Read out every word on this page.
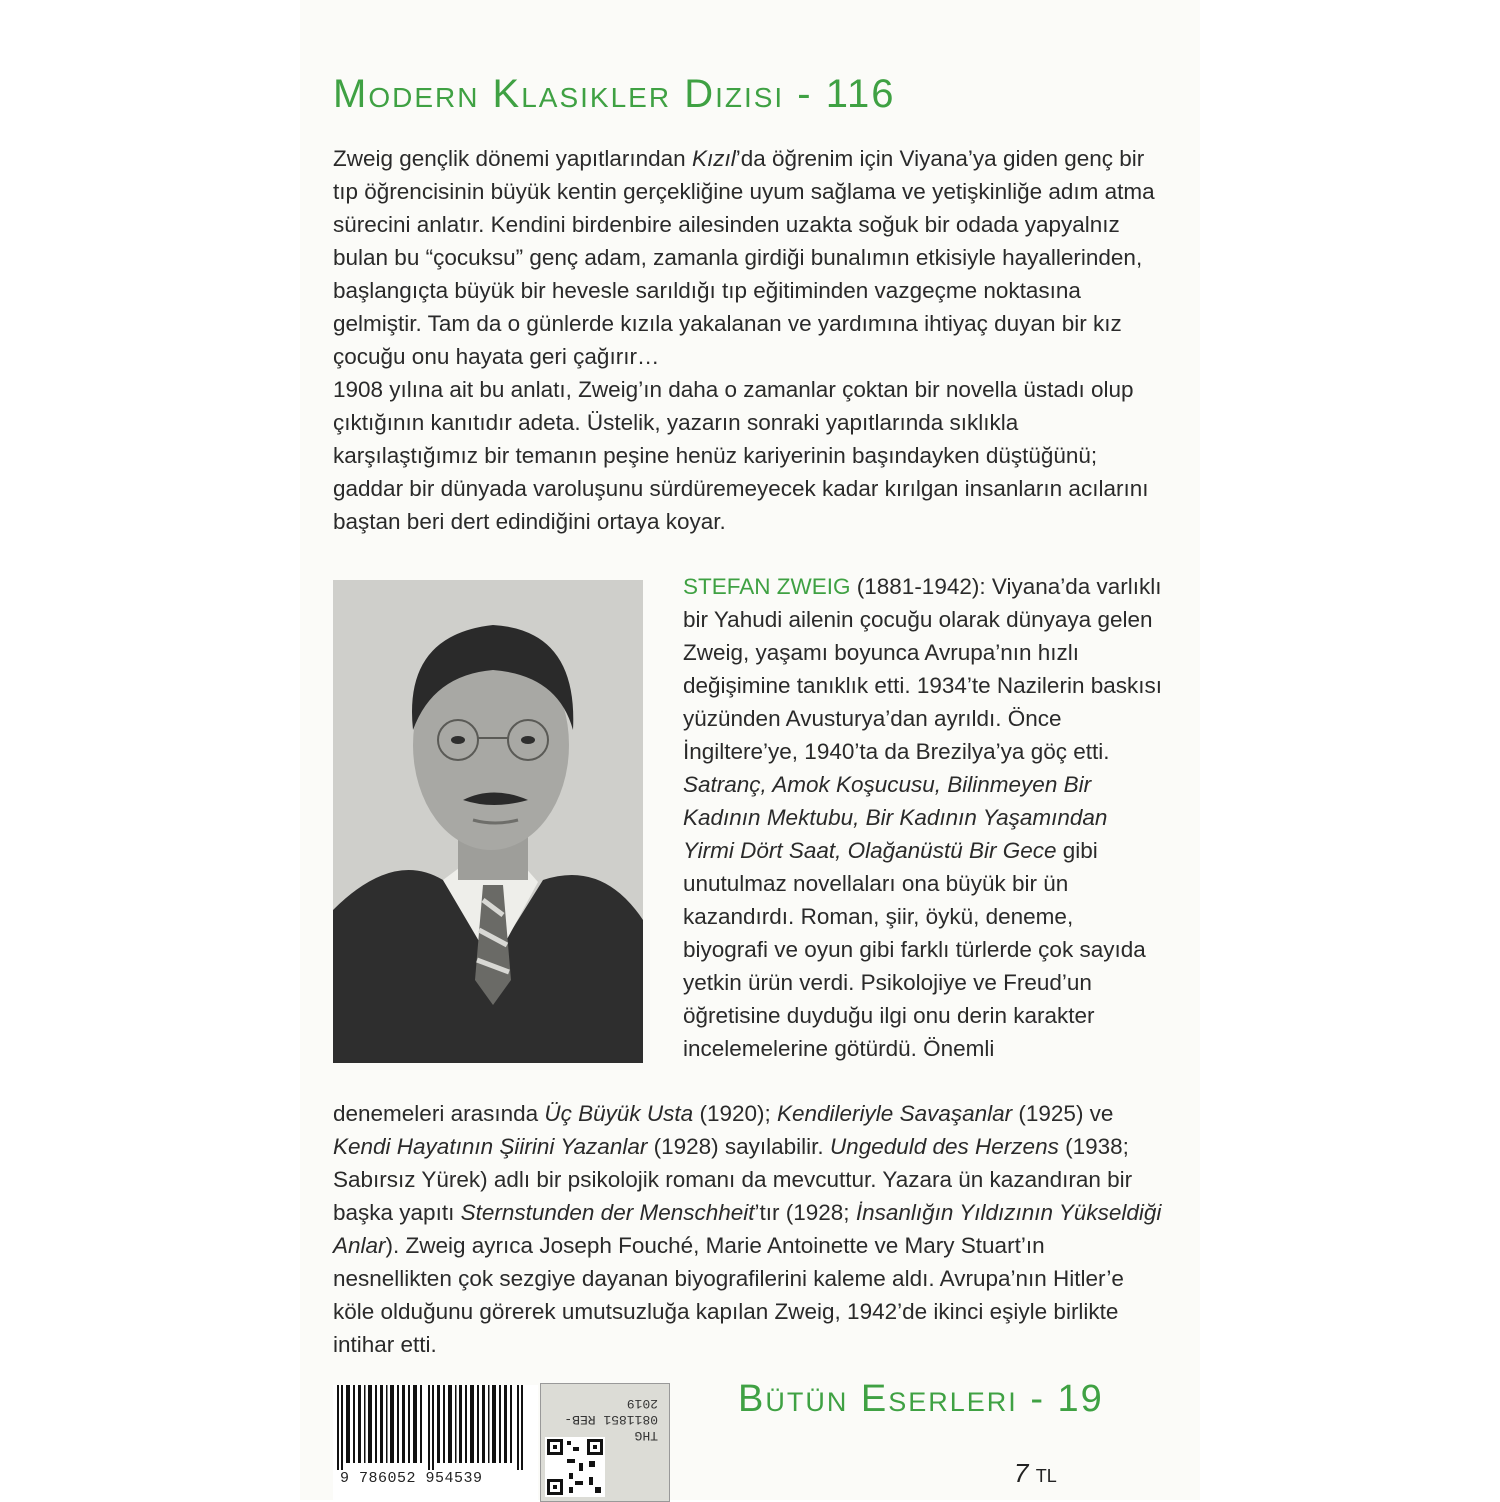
Modern Klasikler Dizisi - 116

Zweig gençlik dönemi yapıtlarından Kızıl’da öğrenim için Viyana’ya giden genç bir tıp öğrencisinin büyük kentin gerçekliğine uyum sağlama ve yetişkinliğe adım atma sürecini anlatır. Kendini birdenbire ailesinden uzakta soğuk bir odada yapyalnız bulan bu “çocuksu” genç adam, zamanla girdiği bunalımın etkisiyle hayallerinden, başlangıçta büyük bir hevesle sarıldığı tıp eğitiminden vazgeçme noktasına gelmiştir. Tam da o günlerde kızıla yakalanan ve yardımına ihtiyaç duyan bir kız çocuğu onu hayata geri çağırır…

1908 yılına ait bu anlatı, Zweig’ın daha o zamanlar çoktan bir novella üstadı olup çıktığının kanıtıdır adeta. Üstelik, yazarın sonraki yapıtlarında sıklıkla karşılaştığımız bir temanın peşine henüz kariyerinin başındayken düştüğünü; gaddar bir dünyada varoluşunu sürdüremeyecek kadar kırılgan insanların acılarını baştan beri dert edindiğini ortaya koyar.

STEFAN ZWEIG (1881-1942): Viyana’da varlıklı bir Yahudi ailenin çocuğu olarak dünyaya gelen Zweig, yaşamı boyunca Avrupa’nın hızlı değişimine tanıklık etti. 1934’te Nazilerin baskısı yüzünden Avusturya’dan ayrıldı. Önce İngiltere’ye, 1940’ta da Brezilya’ya göç etti. Satranç, Amok Koşucusu, Bilinmeyen Bir Kadının Mektubu, Bir Kadının Yaşamından Yirmi Dört Saat, Olağanüstü Bir Gece gibi unutulmaz novellaları ona büyük bir ün kazandırdı. Roman, şiir, öykü, deneme, biyografi ve oyun gibi farklı türlerde çok sayıda yetkin ürün verdi. Psikolojiye ve Freud’un öğretisine duyduğu ilgi onu derin karakter incelemelerine götürdü. Önemli

denemeleri arasında Üç Büyük Usta (1920); Kendileriyle Savaşanlar (1925) ve Kendi Hayatının Şiirini Yazanlar (1928) sayılabilir. Ungeduld des Herzens (1938; Sabırsız Yürek) adlı bir psikolojik romanı da mevcuttur. Yazara ün kazandıran bir başka yapıtı Sternstunden der Menschheit’tır (1928; İnsanlığın Yıldızının Yükseldiği Anlar). Zweig ayrıca Joseph Fouché, Marie Antoinette ve Mary Stuart’ın nesnellikten çok sezgiye dayanan biyografilerini kaleme aldı. Avrupa’nın Hitler’e köle olduğunu görerek umutsuzluğa kapılan Zweig, 1942’de ikinci eşiyle birlikte intihar etti.

9 786052 954539
THG
0811851 REB-
2019 Bütün Eserleri - 19
7 TL
